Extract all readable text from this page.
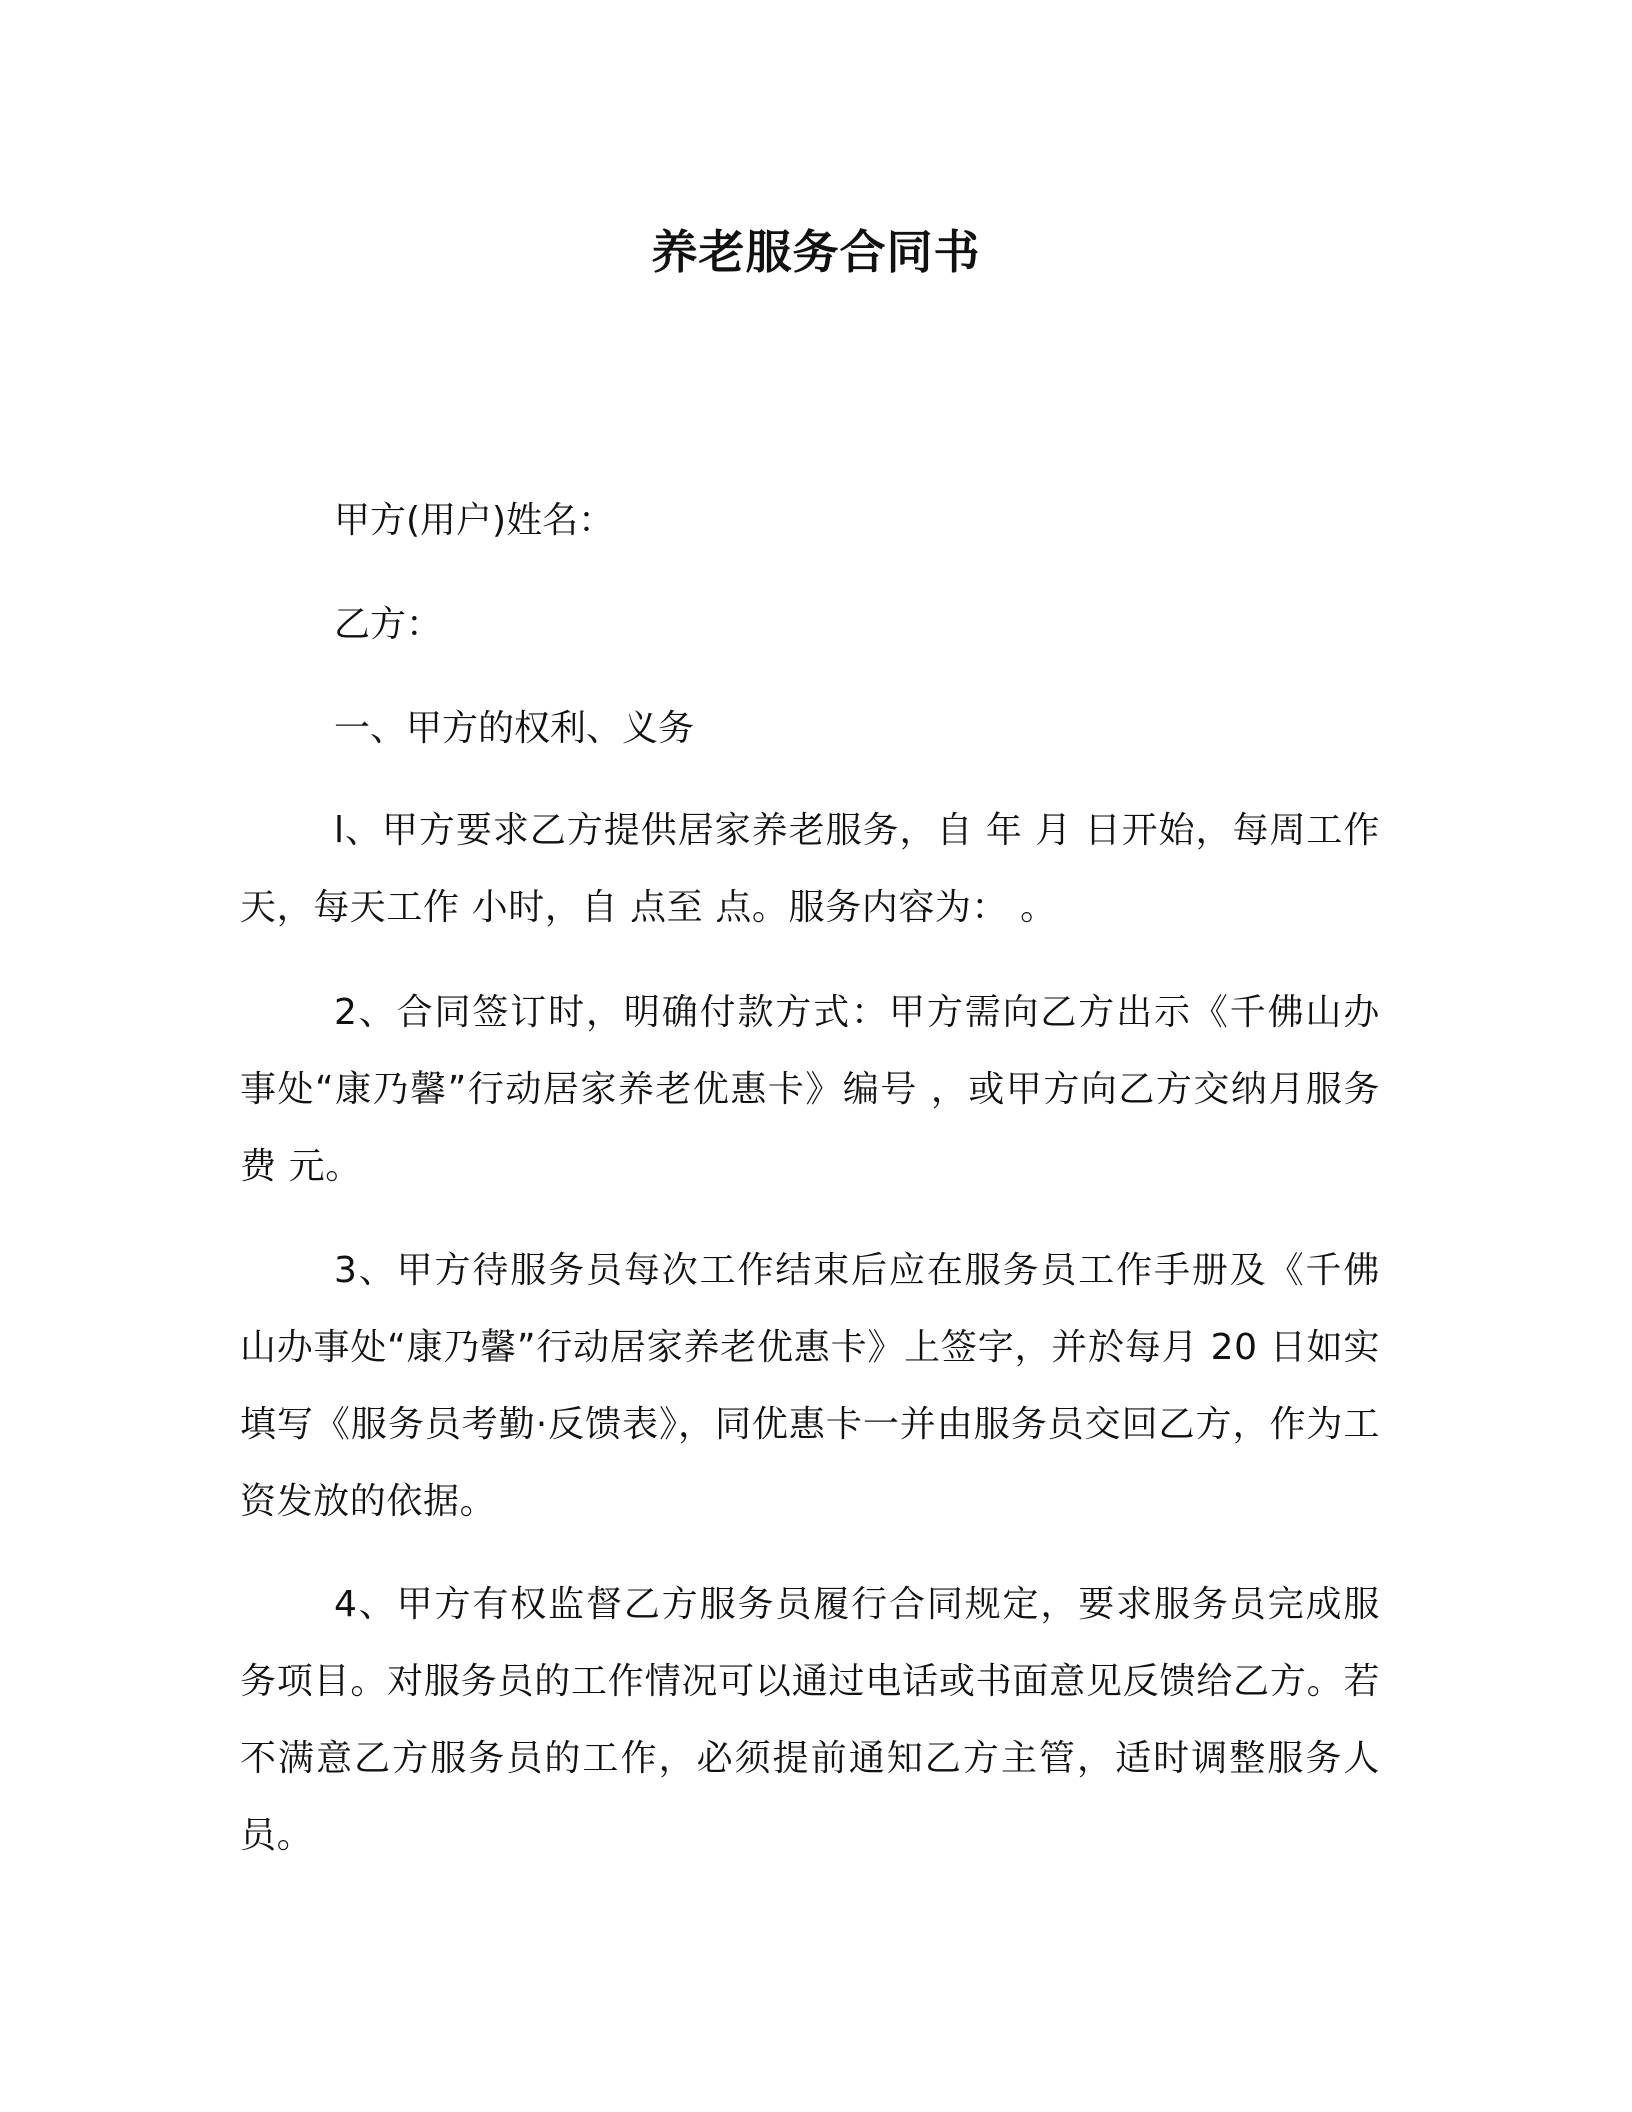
养老服务合同书
甲方(用户)姓名：
乙方：
一、甲方的权利、义务
l、甲方要求乙方提供居家养老服务，自 年 月 日开始，每周工作 天，每天工作 小时，自 点至 点。服务内容为： 。
2、合同签订时，明确付款方式：甲方需向乙方出示《千佛山办事处“康乃馨”行动居家养老优惠卡》编号 ，或甲方向乙方交纳月服务费 元。
3、甲方待服务员每次工作结束后应在服务员工作手册及《千佛山办事处“康乃馨”行动居家养老优惠卡》上签字，并於每月 20 日如实填写《服务员考勤·反馈表》，同优惠卡一并由服务员交回乙方，作为工资发放的依据。
4、甲方有权监督乙方服务员履行合同规定，要求服务员完成服务项目。对服务员的工作情况可以通过电话或书面意见反馈给乙方。若不满意乙方服务员的工作，必须提前通知乙方主管，适时调整服务人员。
